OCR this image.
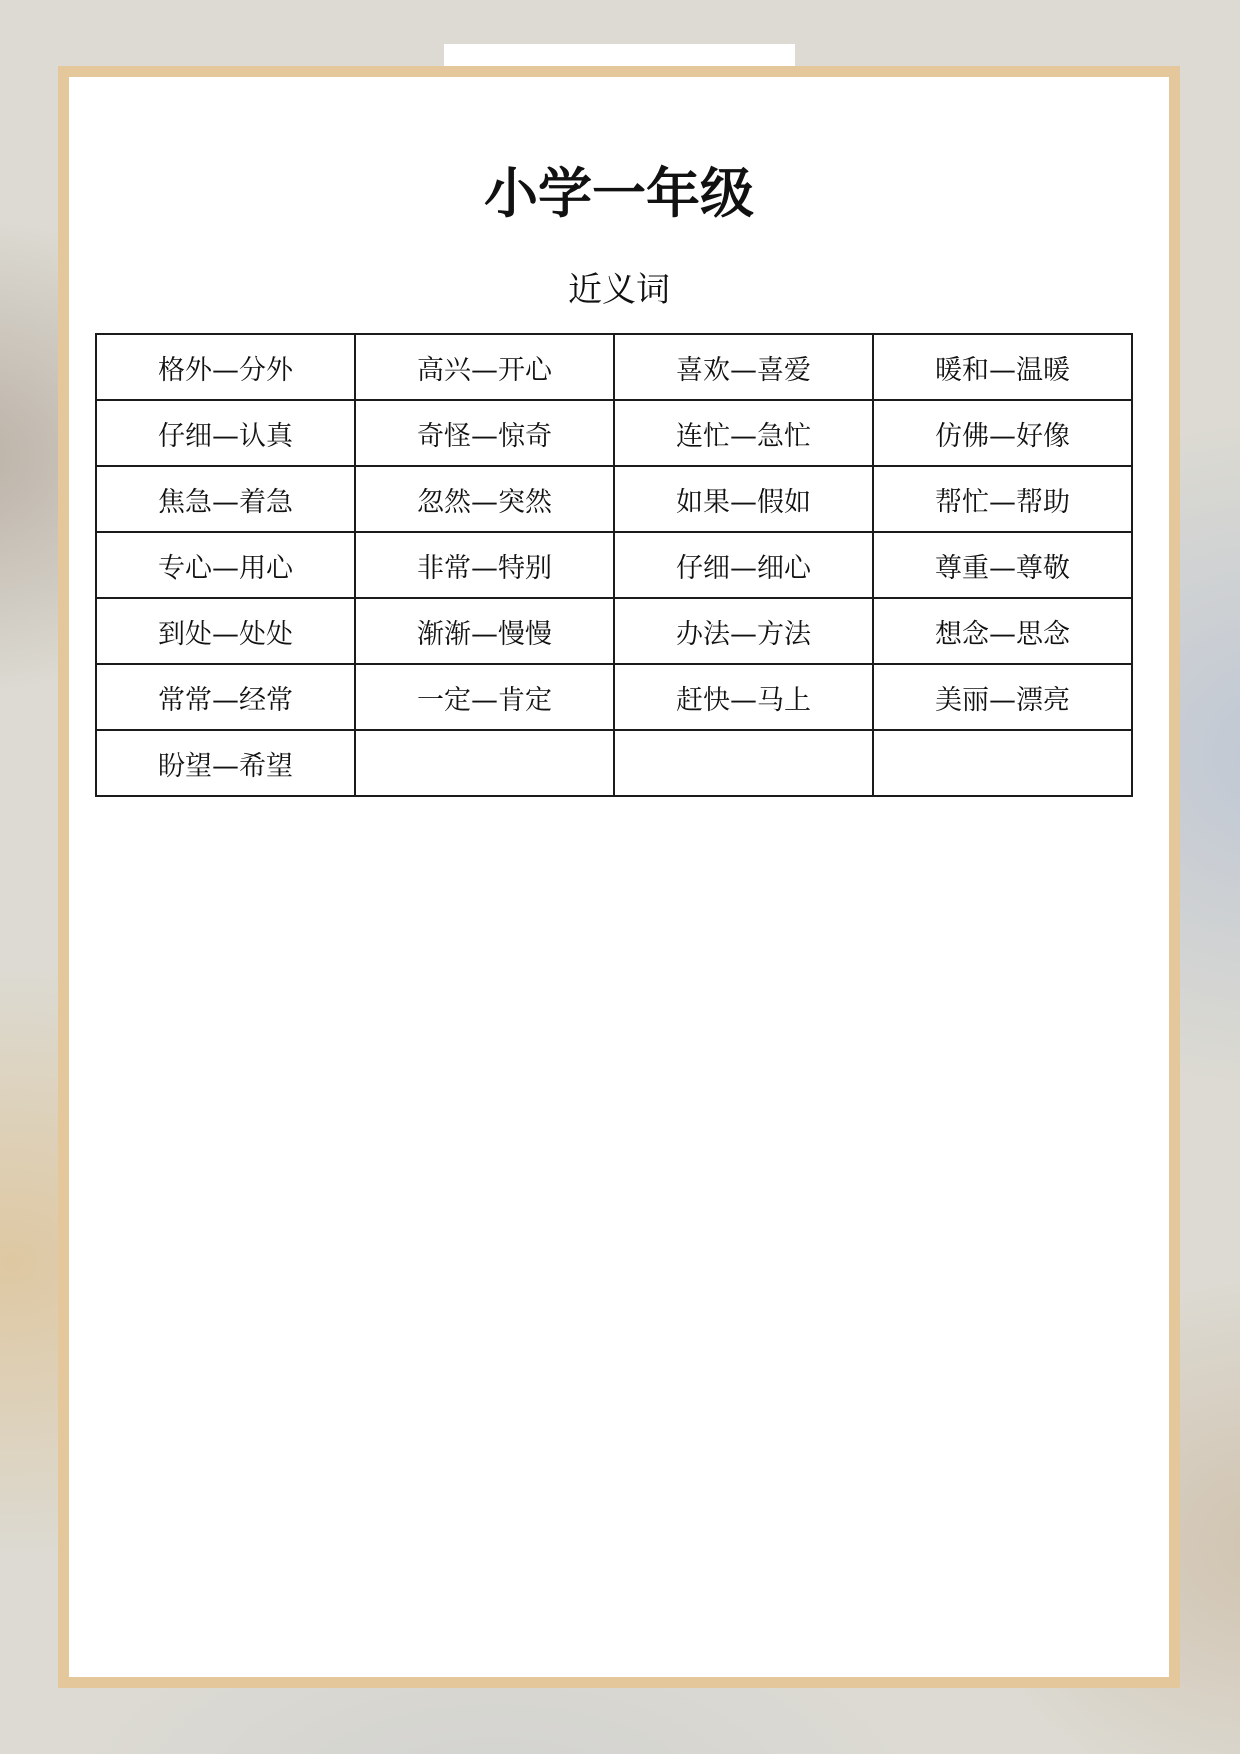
小学一年级
近义词
格外—分外	高兴—开心	喜欢—喜爱	暖和—温暖
仔细—认真	奇怪—惊奇	连忙—急忙	仿佛—好像
焦急—着急	忽然—突然	如果—假如	帮忙—帮助
专心—用心	非常—特别	仔细—细心	尊重—尊敬
到处—处处	渐渐—慢慢	办法—方法	想念—思念
常常—经常	一定—肯定	赶快—马上	美丽—漂亮
盼望—希望			
